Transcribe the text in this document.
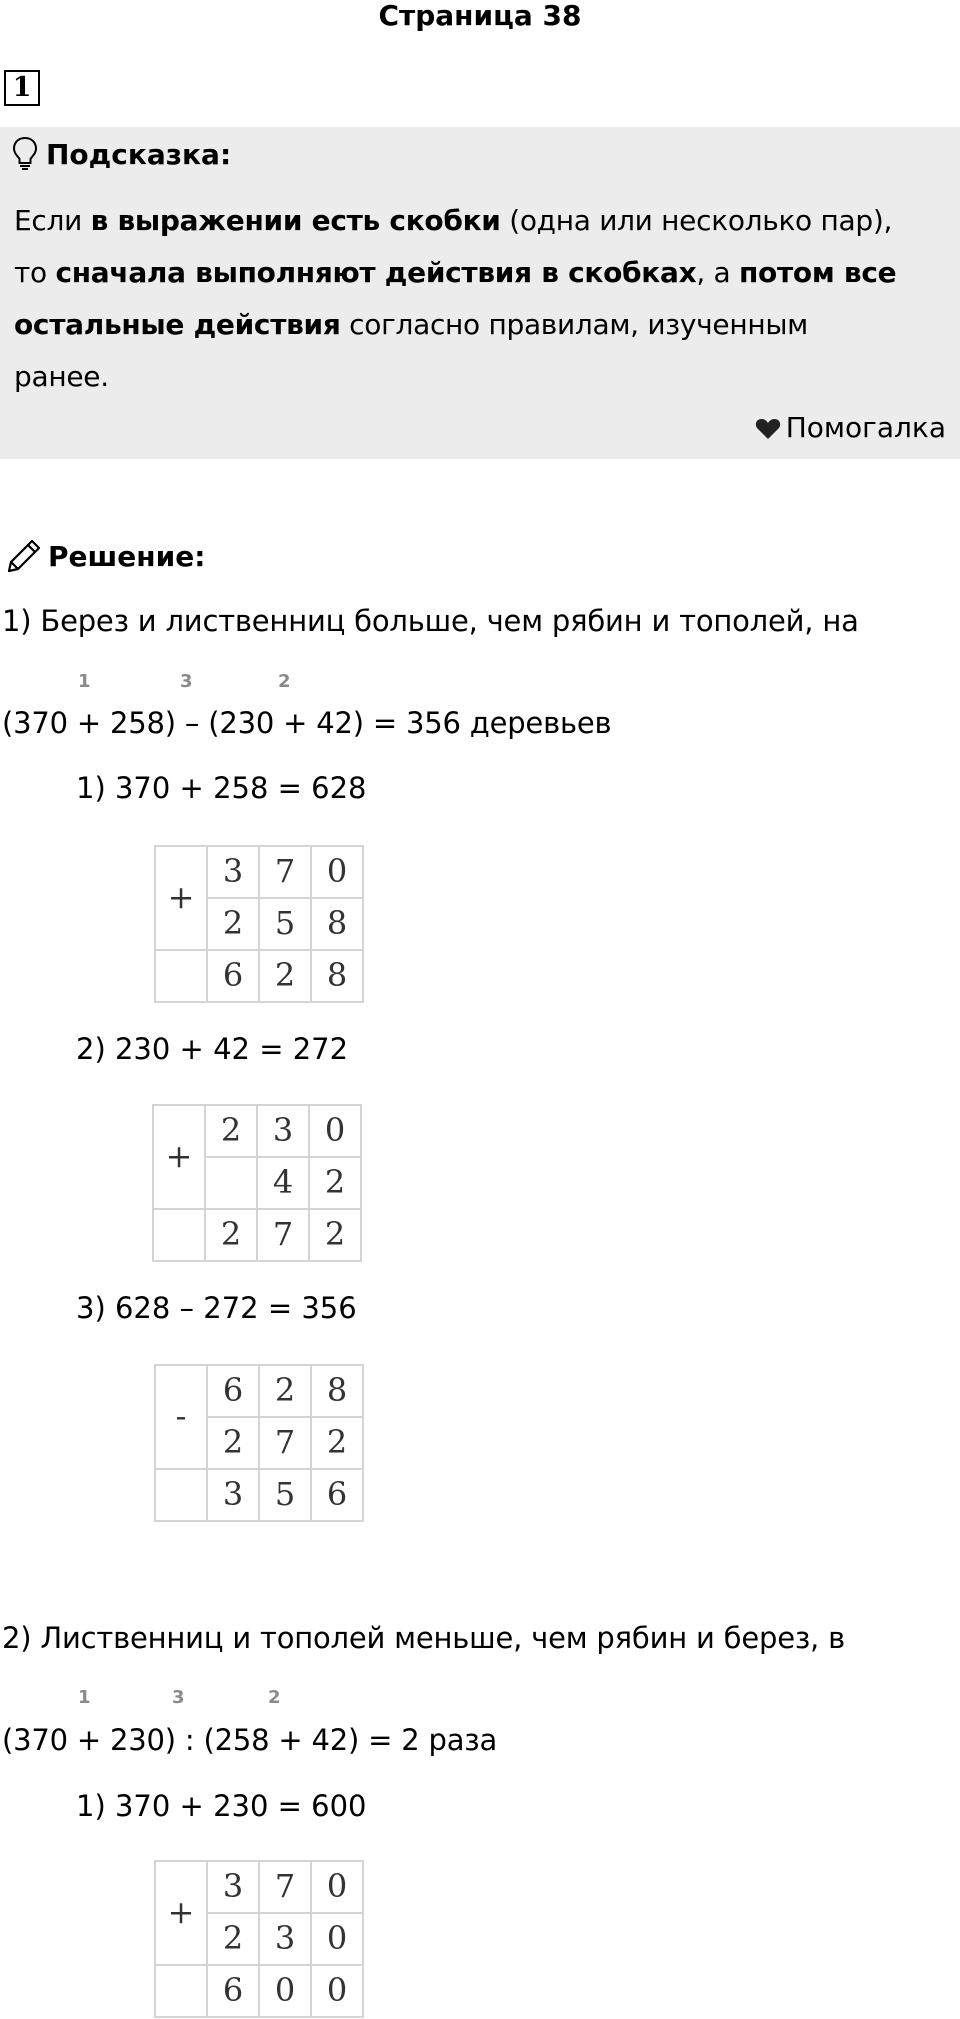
Страница 38
1
Подсказка:
Если в выражении есть скобки (одна или несколько пар),
то сначала выполняют действия в скобках, а потом все
остальные действия согласно правилам, изученным
ранее.
Помогалка
Решение:
1) Берез и лиственниц больше, чем рябин и тополей, на
1	3	2
(370 + 258) – (230 + 42) = 356 деревьев
1) 370 + 258 = 628
+	3	7	0
	2	5	8
	6	2	8
2) 230 + 42 = 272
+	2	3	0
		4	2
	2	7	2
3) 628 – 272 = 356
-	6	2	8
	2	7	2
	3	5	6
2) Лиственниц и тополей меньше, чем рябин и берез, в
1	3	2
(370 + 230) : (258 + 42) = 2 раза
1) 370 + 230 = 600
+	3	7	0
	2	3	0
	6	0	0
